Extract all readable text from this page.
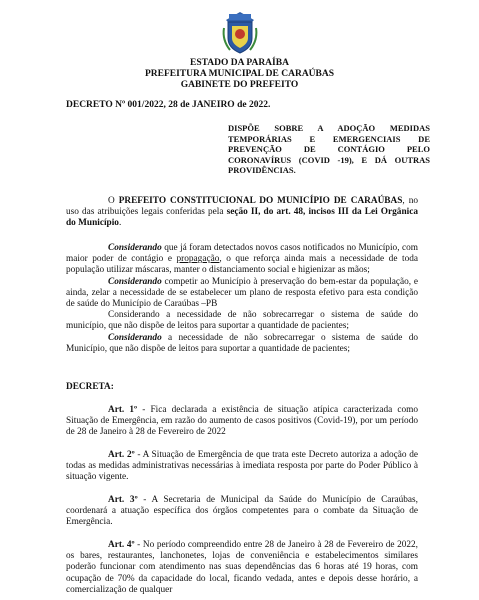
ESTADO DA PARAÍBA
PREFEITURA MUNICIPAL DE CARAÚBAS
GABINETE DO PREFEITO
DECRETO Nº 001/2022, 28 de JANEIRO de 2022.
DISPÕE SOBRE A ADOÇÃO MEDIDAS TEMPORÁRIAS E EMERGENCIAIS DE PREVENÇÃO DE CONTÁGIO PELO CORONAVÍRUS (COVID -19), E DÁ OUTRAS PROVIDÊNCIAS.

O PREFEITO CONSTITUCIONAL DO MUNICÍPIO DE CARAÚBAS, no uso das atribuições legais conferidas pela seção II, do art. 48, incisos III da Lei Orgânica do Município.

Considerando que já foram detectados novos casos notificados no Município, com maior poder de contágio e propagação, o que reforça ainda mais a necessidade de toda população utilizar máscaras, manter o distanciamento social e higienizar as mãos;

Considerando competir ao Município à preservação do bem-estar da população, e ainda, zelar a necessidade de se estabelecer um plano de resposta efetivo para esta condição de saúde do Município de Caraúbas –PB

Considerando a necessidade de não sobrecarregar o sistema de saúde do município, que não dispõe de leitos para suportar a quantidade de pacientes;

Considerando a necessidade de não sobrecarregar o sistema de saúde do Município, que não dispõe de leitos para suportar a quantidade de pacientes;

DECRETA:

Art. 1º - Fica declarada a existência de situação atípica caracterizada como Situação de Emergência, em razão do aumento de casos positivos (Covid-19), por um período de 28 de Janeiro à 28 de Fevereiro de 2022

Art. 2º - A Situação de Emergência de que trata este Decreto autoriza a adoção de todas as medidas administrativas necessárias à imediata resposta por parte do Poder Público à situação vigente.

Art. 3º - A Secretaria de Municipal da Saúde do Município de Caraúbas, coordenará a atuação específica dos órgãos competentes para o combate da Situação de Emergência.

Art. 4º - No período compreendido entre 28 de Janeiro à 28 de Fevereiro de 2022, os bares, restaurantes, lanchonetes, lojas de conveniência e estabelecimentos similares poderão funcionar com atendimento nas suas dependências das 6 horas até 19 horas, com ocupação de 70% da capacidade do local, ficando vedada, antes e depois desse horário, a comercialização de qualquer
